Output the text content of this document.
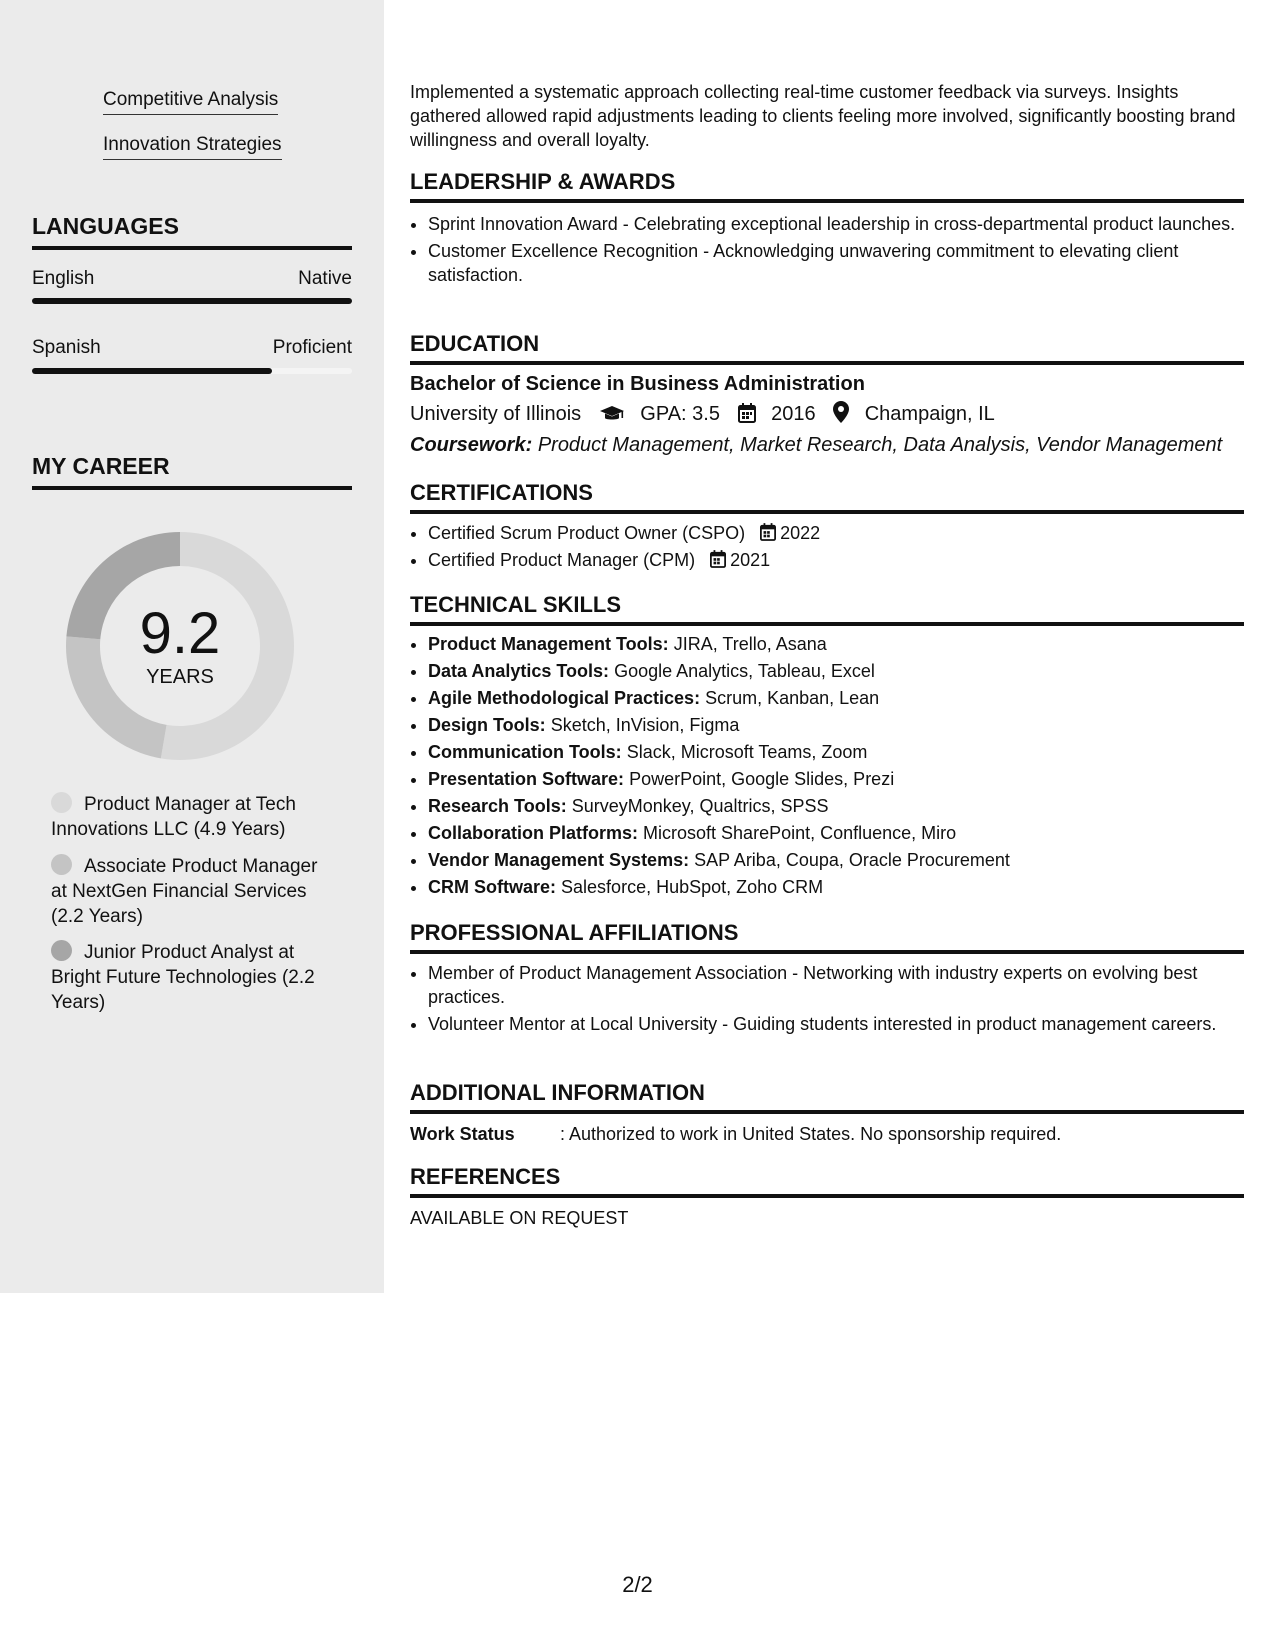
Competitive Analysis
Innovation Strategies
LANGUAGES
English	Native
Spanish	Proficient
MY CAREER
9.2
YEARS
Product Manager at Tech Innovations LLC (4.9 Years)
Associate Product Manager at NextGen Financial Services (2.2 Years)
Junior Product Analyst at Bright Future Technologies (2.2 Years)
Implemented a systematic approach collecting real-time customer feedback via surveys. Insights gathered allowed rapid adjustments leading to clients feeling more involved, significantly boosting brand willingness and overall loyalty.
LEADERSHIP & AWARDS
• Sprint Innovation Award - Celebrating exceptional leadership in cross-departmental product launches.
• Customer Excellence Recognition - Acknowledging unwavering commitment to elevating client satisfaction.
EDUCATION
Bachelor of Science in Business Administration
University of Illinois	GPA: 3.5	2016 Champaign, IL
Coursework: Product Management, Market Research, Data Analysis, Vendor Management
CERTIFICATIONS
• Certified Scrum Product Owner (CSPO) 2022
• Certified Product Manager (CPM) 2021
TECHNICAL SKILLS
• Product Management Tools: JIRA, Trello, Asana
• Data Analytics Tools: Google Analytics, Tableau, Excel
• Agile Methodological Practices: Scrum, Kanban, Lean
• Design Tools: Sketch, InVision, Figma
• Communication Tools: Slack, Microsoft Teams, Zoom
• Presentation Software: PowerPoint, Google Slides, Prezi
• Research Tools: SurveyMonkey, Qualtrics, SPSS
• Collaboration Platforms: Microsoft SharePoint, Confluence, Miro
• Vendor Management Systems: SAP Ariba, Coupa, Oracle Procurement
• CRM Software: Salesforce, HubSpot, Zoho CRM
PROFESSIONAL AFFILIATIONS
• Member of Product Management Association - Networking with industry experts on evolving best practices.
• Volunteer Mentor at Local University - Guiding students interested in product management careers.
ADDITIONAL INFORMATION
Work Status	: Authorized to work in United States. No sponsorship required.
REFERENCES
AVAILABLE ON REQUEST
2/2
